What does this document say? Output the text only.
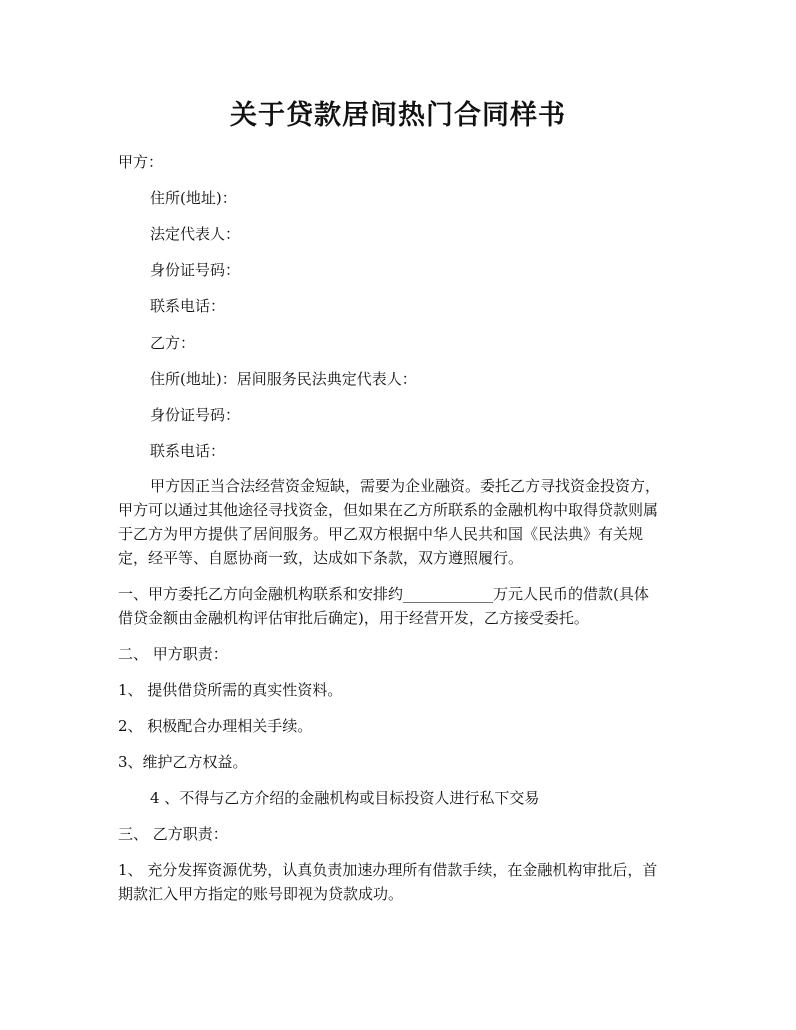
关于贷款居间热门合同样书

甲方：

住所(地址)：

法定代表人：

身份证号码：

联系电话：

乙方：

住所(地址)：居间服务民法典定代表人：

身份证号码：

联系电话：

甲方因正当合法经营资金短缺，需要为企业融资。委托乙方寻找资金投资方，

甲方可以通过其他途径寻找资金，但如果在乙方所联系的金融机构中取得贷款则属

于乙方为甲方提供了居间服务。甲乙双方根据中华人民共和国《民法典》有关规

定，经平等、自愿协商一致，达成如下条款，双方遵照履行。

一、甲方委托乙方向金融机构联系和安排约____________万元人民币的借款(具体

借贷金额由金融机构评估审批后确定)，用于经营开发，乙方接受委托。

二、 甲方职责：

1、 提供借贷所需的真实性资料。

2、 积极配合办理相关手续。

3、维护乙方权益。

4 、不得与乙方介绍的金融机构或目标投资人进行私下交易

三、 乙方职责：

1、 充分发挥资源优势，认真负责加速办理所有借款手续，在金融机构审批后，首

期款汇入甲方指定的账号即视为贷款成功。
